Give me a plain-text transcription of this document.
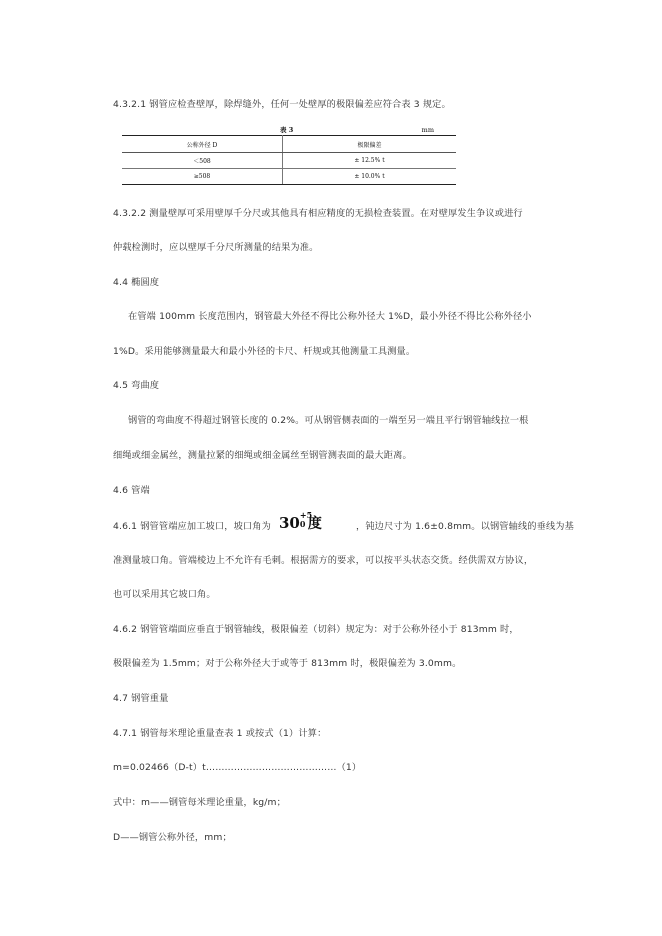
4.3.2.1 钢管应检查壁厚，除焊缝外，任何一处壁厚的极限偏差应符合表 3 规定。
表 3	mm
公称外径 D	极限偏差
＜508	± 12.5% t
≥508	± 10.0% t
4.3.2.2 测量壁厚可采用壁厚千分尺或其他具有相应精度的无损检查装置。在对壁厚发生争议或进行
仲载检测时，应以壁厚千分尺所测量的结果为准。
4.4 椭圆度
在管端 100mm 长度范围内，钢管最大外径不得比公称外径大 1%D，最小外径不得比公称外径小
1%D。采用能够测量最大和最小外径的卡尺、杆规或其他测量工具测量。
4.5 弯曲度
钢管的弯曲度不得超过钢管长度的 0.2%。可从钢管侧表面的一端至另一端且平行钢管轴线拉一根
细绳或细金属丝，测量拉紧的细绳或细金属丝至钢管测表面的最大距离。
4.6 管端
4.6.1 钢管管端应加工坡口，坡口角为 30 +5
0 度	，钝边尺寸为 1.6±0.8mm。以钢管轴线的垂线为基
准测量坡口角。管端棱边上不允许有毛刺。根据需方的要求，可以按平头状态交货。经供需双方协议，
也可以采用其它坡口角。
4.6.2 钢管管端面应垂直于钢管轴线，极限偏差（切斜）规定为：对于公称外径小于 813mm 时，
极限偏差为 1.5mm；对于公称外径大于或等于 813mm 时，极限偏差为 3.0mm。
4.7 钢管重量
4.7.1 钢管每米理论重量查表 1 或按式（1）计算：
m=0.02466（D-t）t……………………………………（1）
式中：m——钢管每米理论重量，kg/m；
D——钢管公称外径，mm；
